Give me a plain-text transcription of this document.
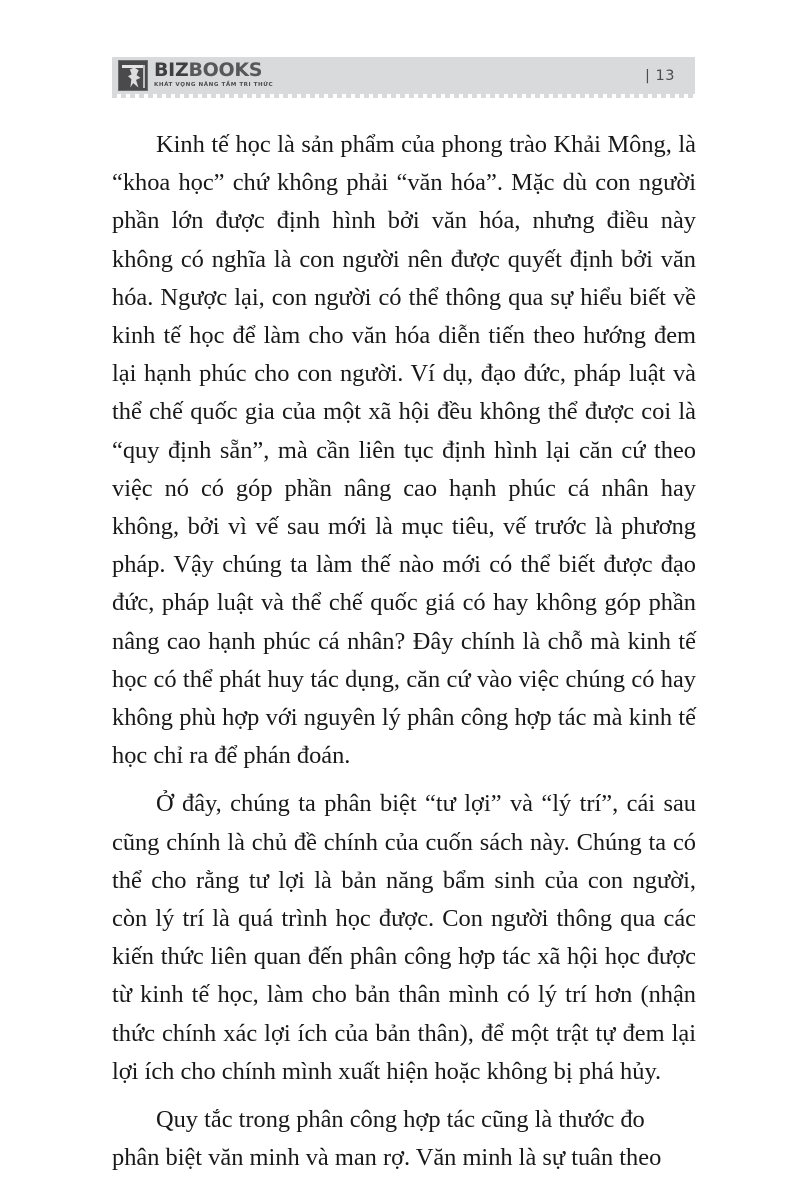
BIZBOOKS
KHÁT VỌNG NÂNG TẦM TRI THỨC
| 13

Kinh tế học là sản phẩm của phong trào Khải Mông, là “khoa học” chứ không phải “văn hóa”. Mặc dù con người phần lớn được định hình bởi văn hóa, nhưng điều này không có nghĩa là con người nên được quyết định bởi văn hóa. Ngược lại, con người có thể thông qua sự hiểu biết về kinh tế học để làm cho văn hóa diễn tiến theo hướng đem lại hạnh phúc cho con người. Ví dụ, đạo đức, pháp luật và thể chế quốc gia của một xã hội đều không thể được coi là “quy định sẵn”, mà cần liên tục định hình lại căn cứ theo việc nó có góp phần nâng cao hạnh phúc cá nhân hay không, bởi vì vế sau mới là mục tiêu, vế trước là phương pháp. Vậy chúng ta làm thế nào mới có thể biết được đạo đức, pháp luật và thể chế quốc giá có hay không góp phần nâng cao hạnh phúc cá nhân? Đây chính là chỗ mà kinh tế học có thể phát huy tác dụng, căn cứ vào việc chúng có hay không phù hợp với nguyên lý phân công hợp tác mà kinh tế học chỉ ra để phán đoán.

Ở đây, chúng ta phân biệt “tư lợi” và “lý trí”, cái sau cũng chính là chủ đề chính của cuốn sách này. Chúng ta có thể cho rằng tư lợi là bản năng bẩm sinh của con người, còn lý trí là quá trình học được. Con người thông qua các kiến thức liên quan đến phân công hợp tác xã hội học được từ kinh tế học, làm cho bản thân mình có lý trí hơn (nhận thức chính xác lợi ích của bản thân), để một trật tự đem lại lợi ích cho chính mình xuất hiện hoặc không bị phá hủy.

Quy tắc trong phân công hợp tác cũng là thước đo phân biệt văn minh và man rợ. Văn minh là sự tuân theo
